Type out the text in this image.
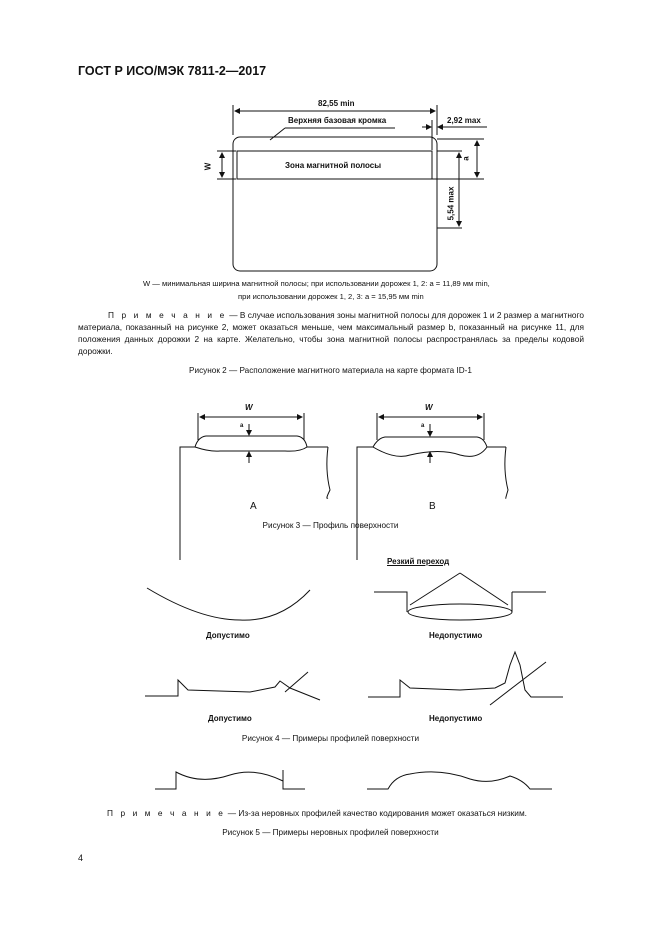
ГОСТ Р ИСО/МЭК 7811-2—2017
82,55 min
Верхняя базовая кромка	2,92 max
Зона магнитной полосы
W
a
5,54 max
W — минимальная ширина магнитной полосы; при использовании дорожек 1, 2: a = 11,89 мм min,
при использовании дорожек 1, 2, 3: a = 15,95 мм min
П р и м е ч а н и е — В случае использования зоны магнитной полосы для дорожек 1 и 2 размер a магнитного материала, показанный на рисунке 2, может оказаться меньше, чем максимальный размер b, показанный на рисунке 11, для положения данных дорожки 2 на карте. Желательно, чтобы зона магнитной полосы распространялась за пределы кодовой дорожки.
Рисунок 2 — Расположение магнитного материала на карте формата ID-1
W
a
W
a
A	B
Рисунок 3 — Профиль поверхности
Резкий переход
Допустимо	Недопустимо
Допустимо	Недопустимо
Рисунок 4 — Примеры профилей поверхности
П р и м е ч а н и е — Из-за неровных профилей качество кодирования может оказаться низким.
Рисунок 5 — Примеры неровных профилей поверхности
4
